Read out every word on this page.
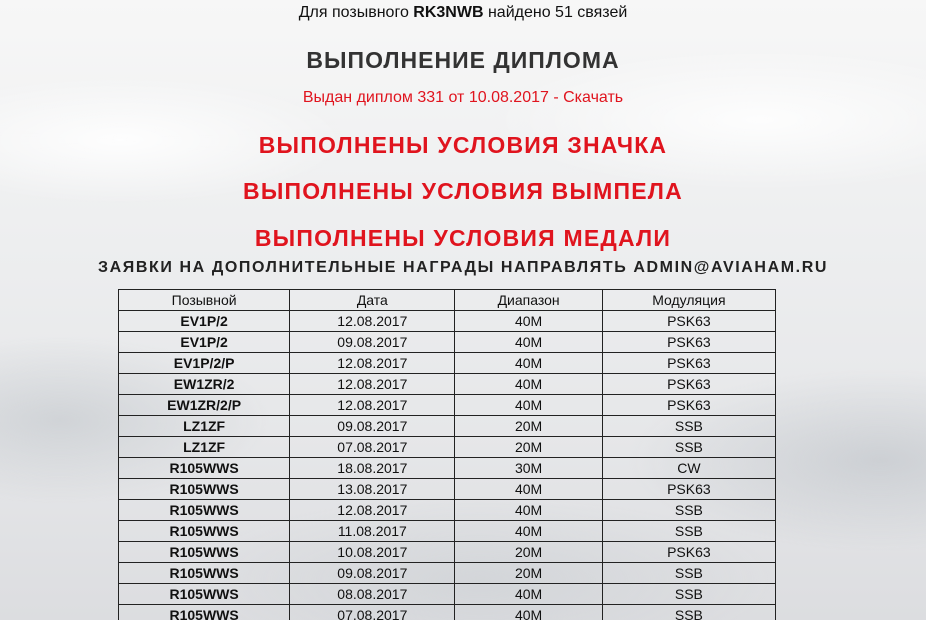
Для позывного RK3NWB найдено 51 связей
ВЫПОЛНЕНИЕ ДИПЛОМА
Выдан диплом 331 от 10.08.2017 - Скачать
ВЫПОЛНЕНЫ УСЛОВИЯ ЗНАЧКА
ВЫПОЛНЕНЫ УСЛОВИЯ ВЫМПЕЛА
ВЫПОЛНЕНЫ УСЛОВИЯ МЕДАЛИ
ЗАЯВКИ НА ДОПОЛНИТЕЛЬНЫЕ НАГРАДЫ НАПРАВЛЯТЬ ADMIN@AVIAHAM.RU
Позывной	Дата	Диапазон	Модуляция
EV1P/2	12.08.2017	40M	PSK63
EV1P/2	09.08.2017	40M	PSK63
EV1P/2/P	12.08.2017	40M	PSK63
EW1ZR/2	12.08.2017	40M	PSK63
EW1ZR/2/P	12.08.2017	40M	PSK63
LZ1ZF	09.08.2017	20M	SSB
LZ1ZF	07.08.2017	20M	SSB
R105WWS	18.08.2017	30M	CW
R105WWS	13.08.2017	40M	PSK63
R105WWS	12.08.2017	40M	SSB
R105WWS	11.08.2017	40M	SSB
R105WWS	10.08.2017	20M	PSK63
R105WWS	09.08.2017	20M	SSB
R105WWS	08.08.2017	40M	SSB
R105WWS	07.08.2017	40M	SSB
